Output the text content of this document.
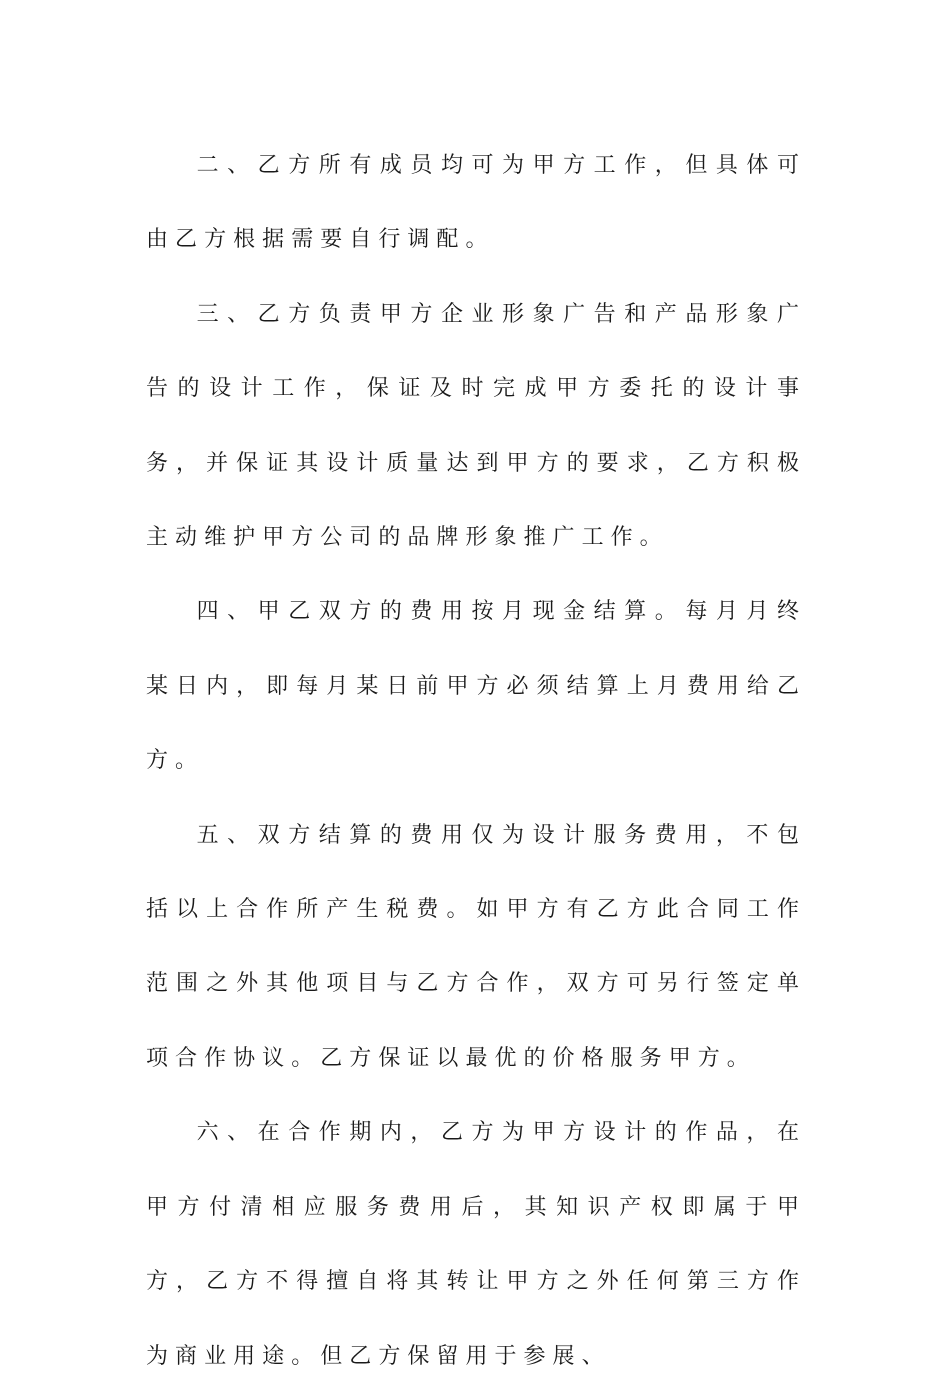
二、乙方所有成员均可为甲方工作，但具体可由乙方根据需要自行调配。

三、乙方负责甲方企业形象广告和产品形象广告的设计工作，保证及时完成甲方委托的设计事务，并保证其设计质量达到甲方的要求，乙方积极主动维护甲方公司的品牌形象推广工作。

四、甲乙双方的费用按月现金结算。每月月终某日内，即每月某日前甲方必须结算上月费用给乙方。

五、双方结算的费用仅为设计服务费用，不包括以上合作所产生税费。如甲方有乙方此合同工作范围之外其他项目与乙方合作，双方可另行签定单项合作协议。乙方保证以最优的价格服务甲方。

六、在合作期内，乙方为甲方设计的作品，在甲方付清相应服务费用后，其知识产权即属于甲方，乙方不得擅自将其转让甲方之外任何第三方作为商业用途。但乙方保留用于参展、
